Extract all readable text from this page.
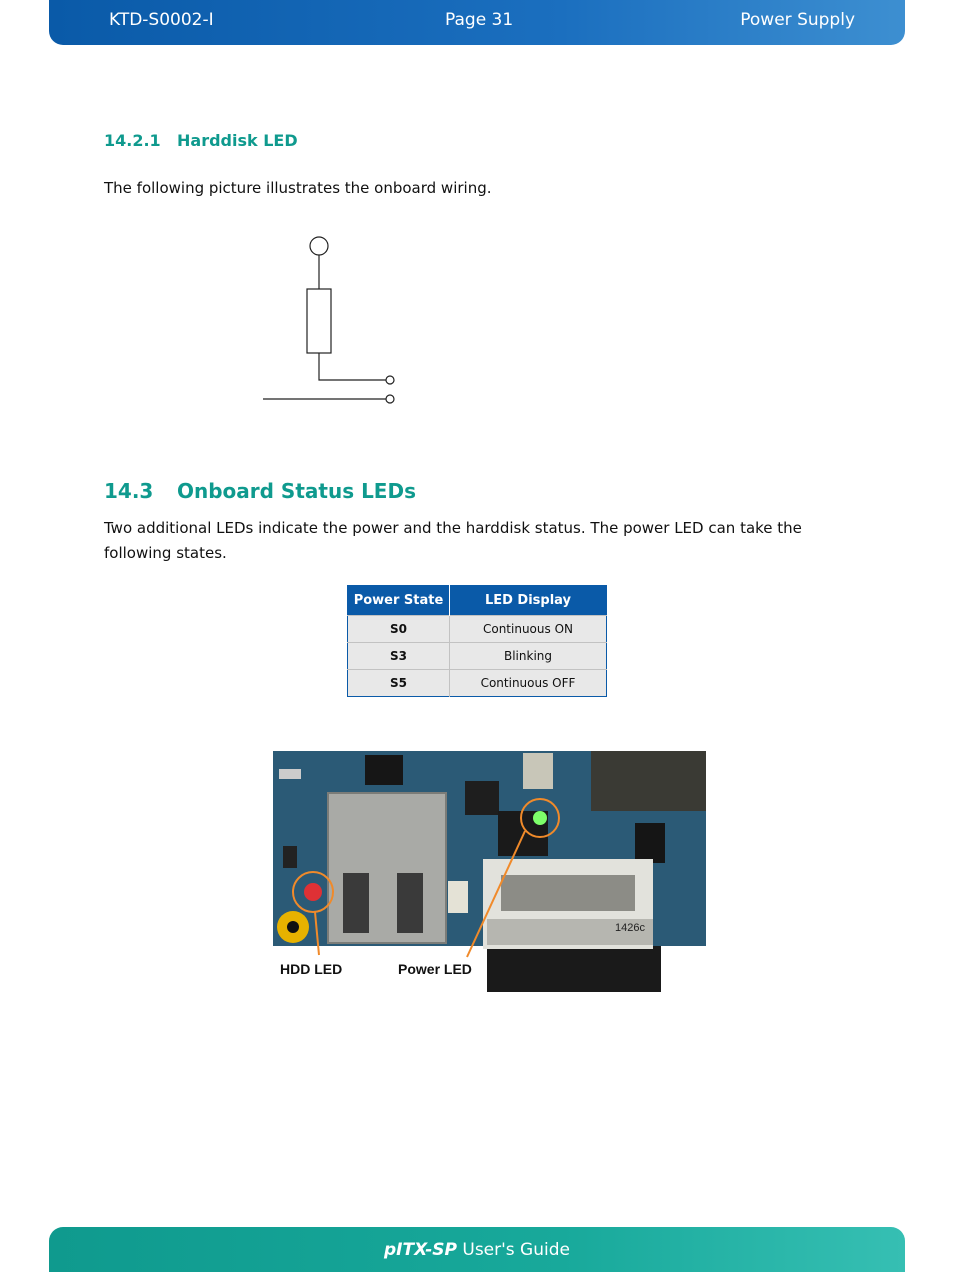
KTD-S0002-I	Page 31	Power Supply
14.2.1 Harddisk LED
The following picture illustrates the onboard wiring.
14.3 Onboard Status LEDs
Two additional LEDs indicate the power and the harddisk status. The power LED can take the following states.
Power State	LED Display
S0	Continuous ON
S3	Blinking
S5	Continuous OFF
1426c
HDD LED	Power LED
pITX-SP User's Guide
